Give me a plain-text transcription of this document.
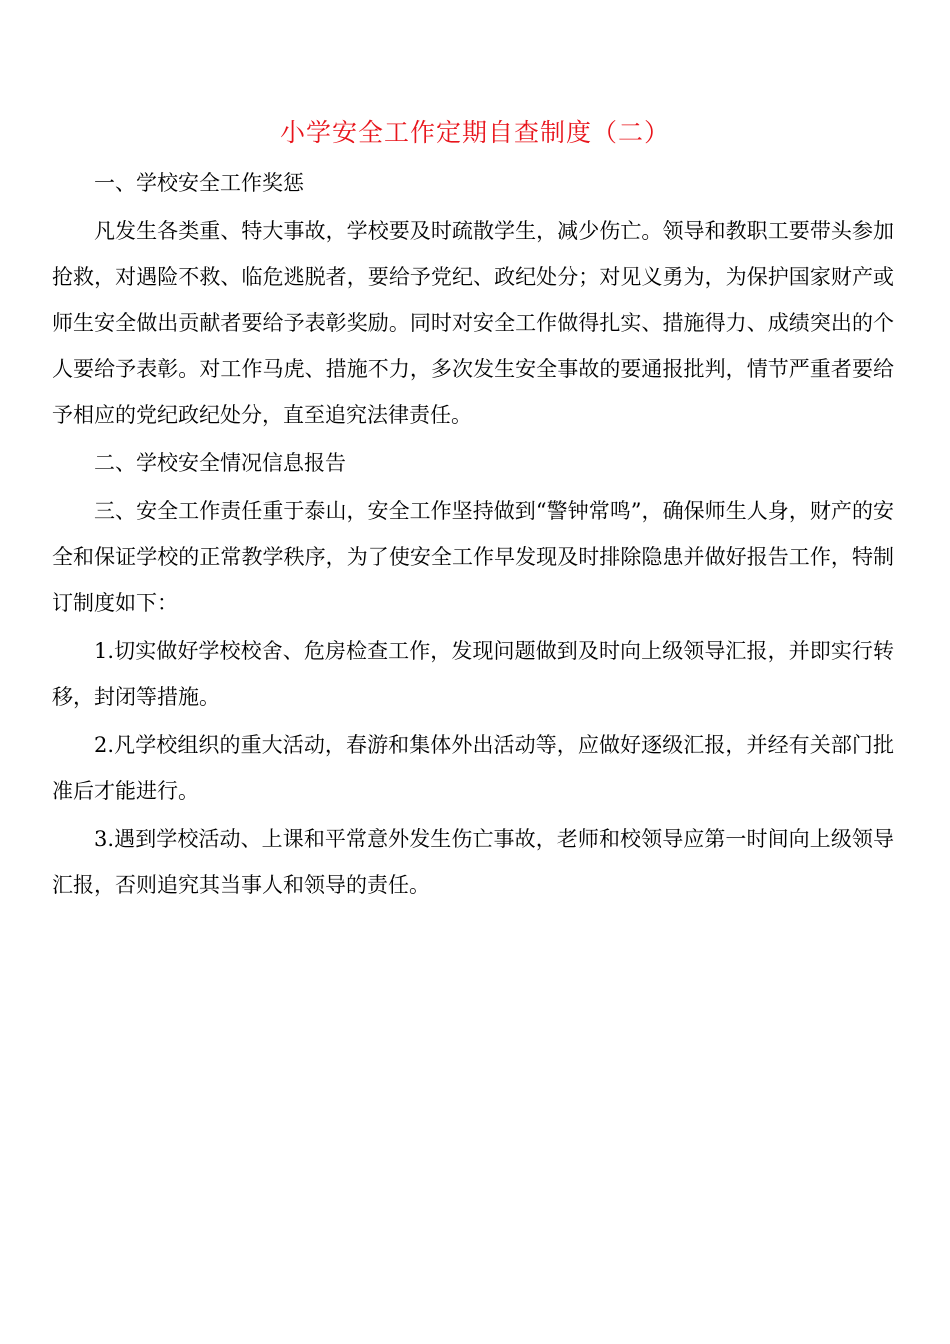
小学安全工作定期自查制度（二）

一、学校安全工作奖惩

凡发生各类重、特大事故，学校要及时疏散学生，减少伤亡。领导和教职工要带头参加抢救，对遇险不救、临危逃脱者，要给予党纪、政纪处分；对见义勇为，为保护国家财产或师生安全做出贡献者要给予表彰奖励。同时对安全工作做得扎实、措施得力、成绩突出的个人要给予表彰。对工作马虎、措施不力，多次发生安全事故的要通报批判，情节严重者要给予相应的党纪政纪处分，直至追究法律责任。

二、学校安全情况信息报告

三、安全工作责任重于泰山，安全工作坚持做到“警钟常鸣”，确保师生人身，财产的安全和保证学校的正常教学秩序，为了使安全工作早发现及时排除隐患并做好报告工作，特制订制度如下：

1.切实做好学校校舍、危房检查工作，发现问题做到及时向上级领导汇报，并即实行转移，封闭等措施。

2.凡学校组织的重大活动，春游和集体外出活动等，应做好逐级汇报，并经有关部门批准后才能进行。

3.遇到学校活动、上课和平常意外发生伤亡事故，老师和校领导应第一时间向上级领导汇报，否则追究其当事人和领导的责任。
